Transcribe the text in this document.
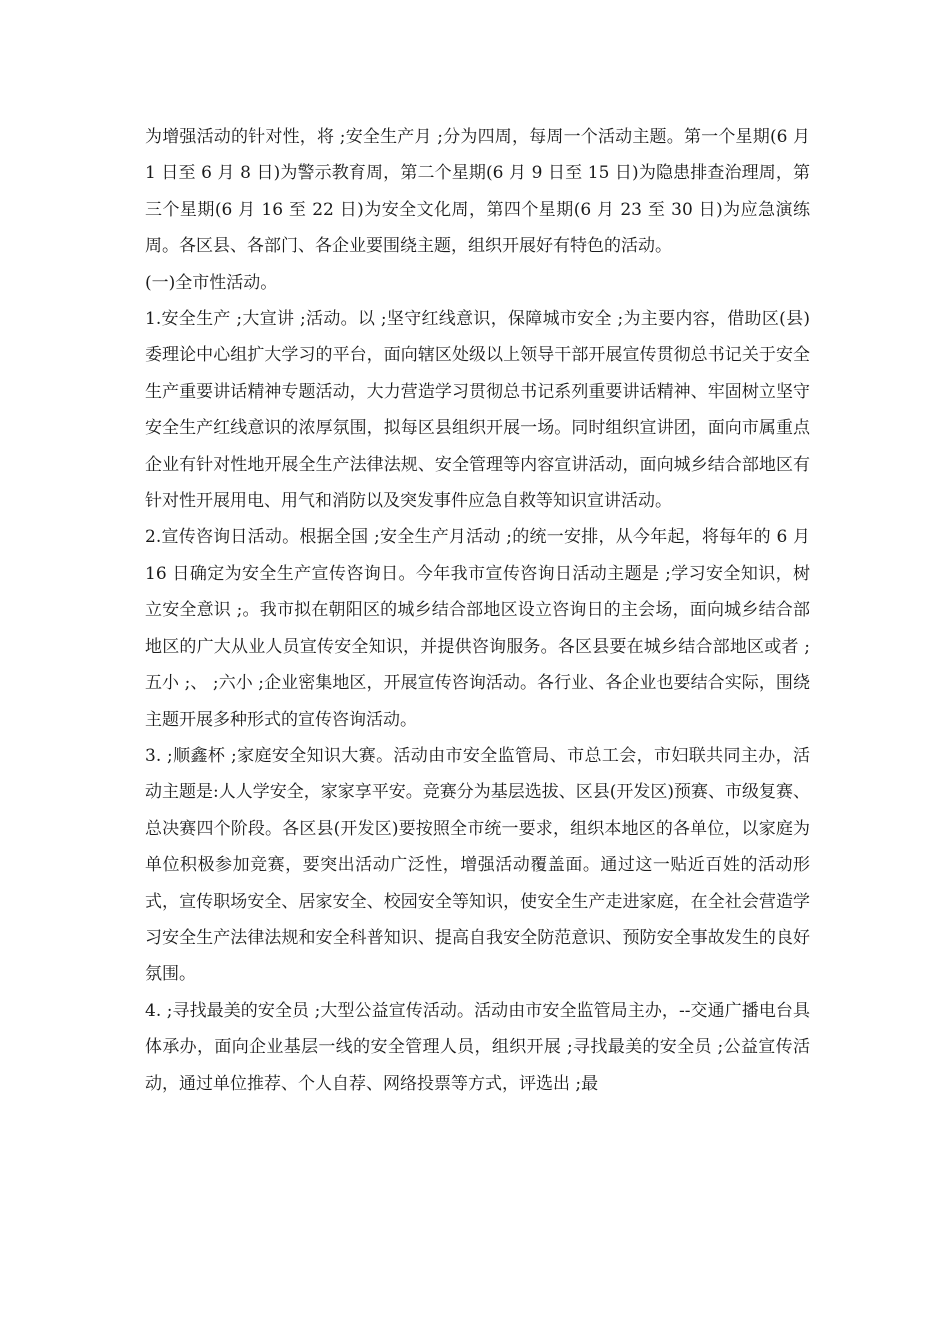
为增强活动的针对性，将 ;安全生产月 ;分为四周，每周一个活动主题。第一个星期(6 月 1 日至 6 月 8 日)为警示教育周，第二个星期(6 月 9 日至 15 日)为隐患排查治理周，第三个星期(6 月 16 至 22 日)为安全文化周，第四个星期(6 月 23 至 30 日)为应急演练周。各区县、各部门、各企业要围绕主题，组织开展好有特色的活动。

(一)全市性活动。

1.安全生产 ;大宣讲 ;活动。以 ;坚守红线意识，保障城市安全 ;为主要内容，借助区(县)委理论中心组扩大学习的平台，面向辖区处级以上领导干部开展宣传贯彻总书记关于安全生产重要讲话精神专题活动，大力营造学习贯彻总书记系列重要讲话精神、牢固树立坚守安全生产红线意识的浓厚氛围，拟每区县组织开展一场。同时组织宣讲团，面向市属重点企业有针对性地开展全生产法律法规、安全管理等内容宣讲活动，面向城乡结合部地区有针对性开展用电、用气和消防以及突发事件应急自救等知识宣讲活动。

2.宣传咨询日活动。根据全国 ;安全生产月活动 ;的统一安排，从今年起，将每年的 6 月 16 日确定为安全生产宣传咨询日。今年我市宣传咨询日活动主题是 ;学习安全知识，树立安全意识 ;。我市拟在朝阳区的城乡结合部地区设立咨询日的主会场，面向城乡结合部地区的广大从业人员宣传安全知识，并提供咨询服务。各区县要在城乡结合部地区或者 ;五小 ;、 ;六小 ;企业密集地区，开展宣传咨询活动。各行业、各企业也要结合实际，围绕主题开展多种形式的宣传咨询活动。

3. ;顺鑫杯 ;家庭安全知识大赛。活动由市安全监管局、市总工会，市妇联共同主办，活动主题是:人人学安全，家家享平安。竞赛分为基层选拔、区县(开发区)预赛、市级复赛、总决赛四个阶段。各区县(开发区)要按照全市统一要求，组织本地区的各单位，以家庭为单位积极参加竞赛，要突出活动广泛性，增强活动覆盖面。通过这一贴近百姓的活动形式，宣传职场安全、居家安全、校园安全等知识，使安全生产走进家庭，在全社会营造学习安全生产法律法规和安全科普知识、提高自我安全防范意识、预防安全事故发生的良好氛围。

4. ;寻找最美的安全员 ;大型公益宣传活动。活动由市安全监管局主办，--交通广播电台具体承办，面向企业基层一线的安全管理人员，组织开展 ;寻找最美的安全员 ;公益宣传活动，通过单位推荐、个人自荐、网络投票等方式，评选出 ;最
